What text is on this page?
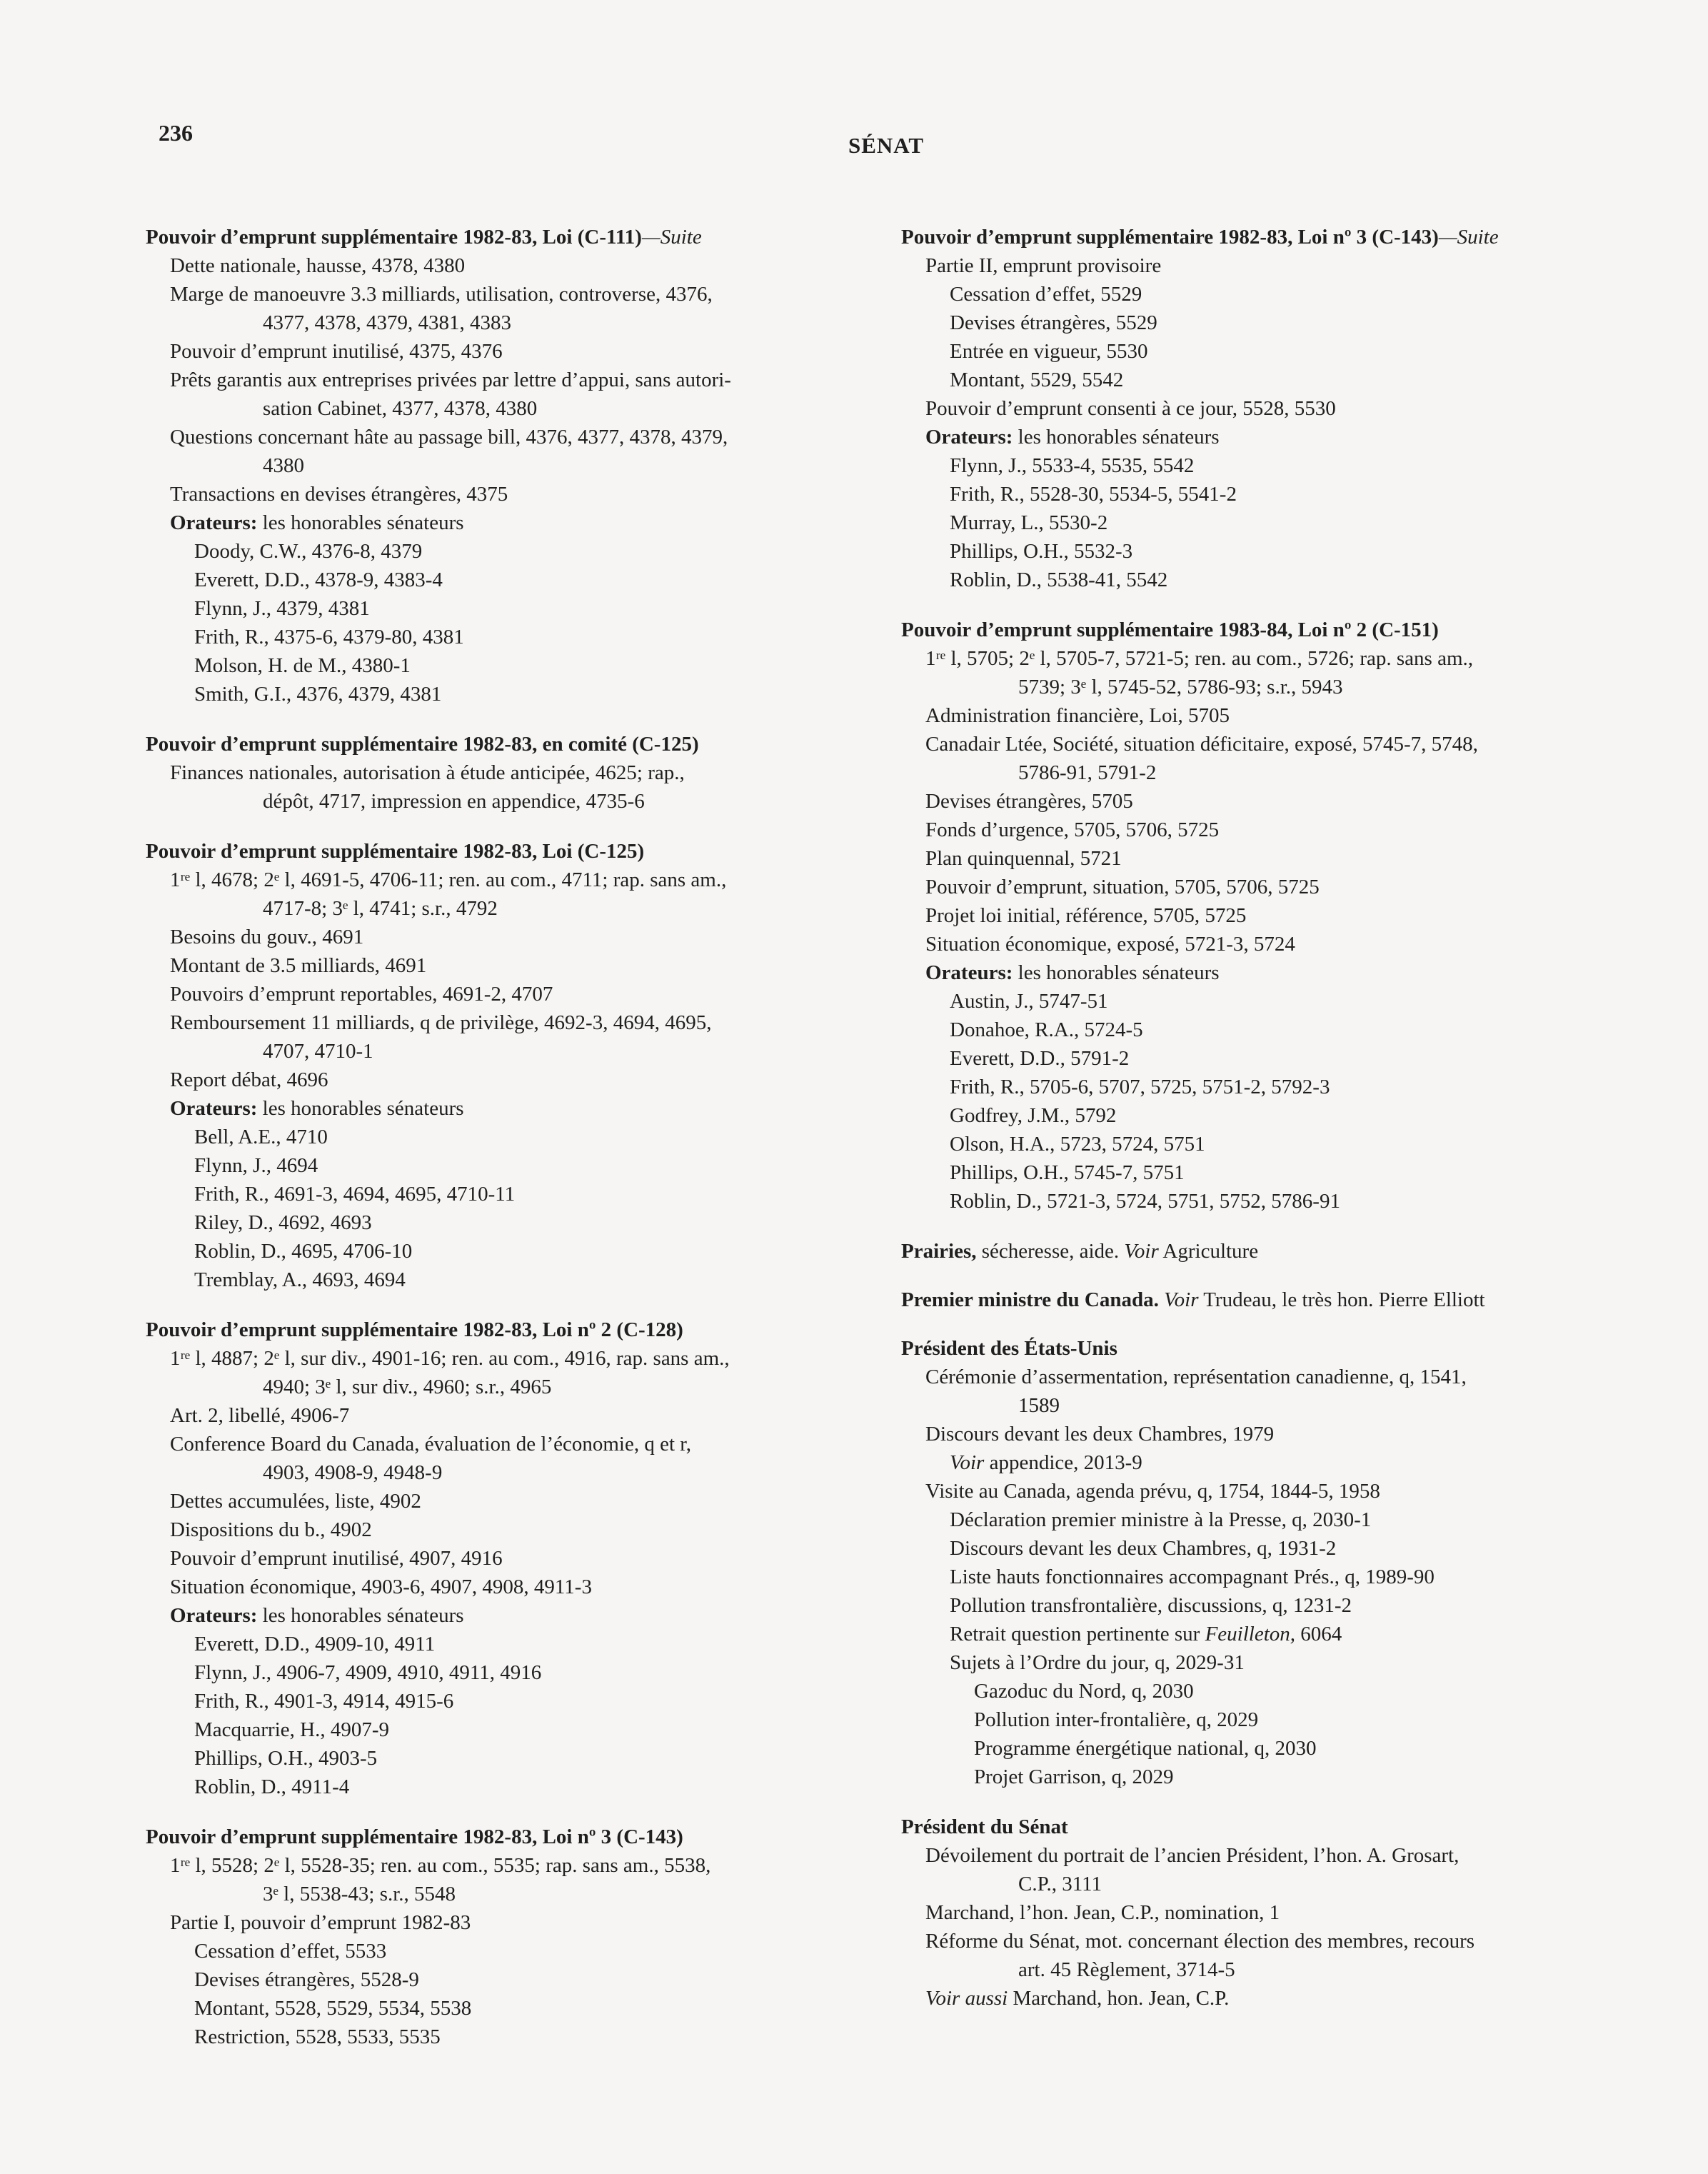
236	SÉNAT
Pouvoir d’emprunt supplémentaire 1982-83, Loi (C-111)—Suite
Dette nationale, hausse, 4378, 4380
Marge de manoeuvre 3.3 milliards, utilisation, controverse, 4376,
4377, 4378, 4379, 4381, 4383
Pouvoir d’emprunt inutilisé, 4375, 4376
Prêts garantis aux entreprises privées par lettre d’appui, sans autori-
sation Cabinet, 4377, 4378, 4380
Questions concernant hâte au passage bill, 4376, 4377, 4378, 4379,
4380
Transactions en devises étrangères, 4375
Orateurs: les honorables sénateurs
Doody, C.W., 4376-8, 4379
Everett, D.D., 4378-9, 4383-4
Flynn, J., 4379, 4381
Frith, R., 4375-6, 4379-80, 4381
Molson, H. de M., 4380-1
Smith, G.I., 4376, 4379, 4381
Pouvoir d’emprunt supplémentaire 1982-83, en comité (C-125)
Finances nationales, autorisation à étude anticipée, 4625; rap.,
dépôt, 4717, impression en appendice, 4735-6
Pouvoir d’emprunt supplémentaire 1982-83, Loi (C-125)
1ʳᵉ l, 4678; 2ᵉ l, 4691-5, 4706-11; ren. au com., 4711; rap. sans am.,
4717-8; 3ᵉ l, 4741; s.r., 4792
Besoins du gouv., 4691
Montant de 3.5 milliards, 4691
Pouvoirs d’emprunt reportables, 4691-2, 4707
Remboursement 11 milliards, q de privilège, 4692-3, 4694, 4695,
4707, 4710-1
Report débat, 4696
Orateurs: les honorables sénateurs
Bell, A.E., 4710
Flynn, J., 4694
Frith, R., 4691-3, 4694, 4695, 4710-11
Riley, D., 4692, 4693
Roblin, D., 4695, 4706-10
Tremblay, A., 4693, 4694
Pouvoir d’emprunt supplémentaire 1982-83, Loi nº 2 (C-128)
1ʳᵉ l, 4887; 2ᵉ l, sur div., 4901-16; ren. au com., 4916, rap. sans am.,
4940; 3ᵉ l, sur div., 4960; s.r., 4965
Art. 2, libellé, 4906-7
Conference Board du Canada, évaluation de l’économie, q et r,
4903, 4908-9, 4948-9
Dettes accumulées, liste, 4902
Dispositions du b., 4902
Pouvoir d’emprunt inutilisé, 4907, 4916
Situation économique, 4903-6, 4907, 4908, 4911-3
Orateurs: les honorables sénateurs
Everett, D.D., 4909-10, 4911
Flynn, J., 4906-7, 4909, 4910, 4911, 4916
Frith, R., 4901-3, 4914, 4915-6
Macquarrie, H., 4907-9
Phillips, O.H., 4903-5
Roblin, D., 4911-4
Pouvoir d’emprunt supplémentaire 1982-83, Loi nº 3 (C-143)
1ʳᵉ l, 5528; 2ᵉ l, 5528-35; ren. au com., 5535; rap. sans am., 5538,
3ᵉ l, 5538-43; s.r., 5548
Partie I, pouvoir d’emprunt 1982-83
Cessation d’effet, 5533
Devises étrangères, 5528-9
Montant, 5528, 5529, 5534, 5538
Restriction, 5528, 5533, 5535
Pouvoir d’emprunt supplémentaire 1982-83, Loi nº 3 (C-143)—Suite
Partie II, emprunt provisoire
Cessation d’effet, 5529
Devises étrangères, 5529
Entrée en vigueur, 5530
Montant, 5529, 5542
Pouvoir d’emprunt consenti à ce jour, 5528, 5530
Orateurs: les honorables sénateurs
Flynn, J., 5533-4, 5535, 5542
Frith, R., 5528-30, 5534-5, 5541-2
Murray, L., 5530-2
Phillips, O.H., 5532-3
Roblin, D., 5538-41, 5542
Pouvoir d’emprunt supplémentaire 1983-84, Loi nº 2 (C-151)
1ʳᵉ l, 5705; 2ᵉ l, 5705-7, 5721-5; ren. au com., 5726; rap. sans am.,
5739; 3ᵉ l, 5745-52, 5786-93; s.r., 5943
Administration financière, Loi, 5705
Canadair Ltée, Société, situation déficitaire, exposé, 5745-7, 5748,
5786-91, 5791-2
Devises étrangères, 5705
Fonds d’urgence, 5705, 5706, 5725
Plan quinquennal, 5721
Pouvoir d’emprunt, situation, 5705, 5706, 5725
Projet loi initial, référence, 5705, 5725
Situation économique, exposé, 5721-3, 5724
Orateurs: les honorables sénateurs
Austin, J., 5747-51
Donahoe, R.A., 5724-5
Everett, D.D., 5791-2
Frith, R., 5705-6, 5707, 5725, 5751-2, 5792-3
Godfrey, J.M., 5792
Olson, H.A., 5723, 5724, 5751
Phillips, O.H., 5745-7, 5751
Roblin, D., 5721-3, 5724, 5751, 5752, 5786-91
Prairies, sécheresse, aide. Voir Agriculture
Premier ministre du Canada. Voir Trudeau, le très hon. Pierre Elliott
Président des États-Unis
Cérémonie d’assermentation, représentation canadienne, q, 1541,
1589
Discours devant les deux Chambres, 1979
Voir appendice, 2013-9
Visite au Canada, agenda prévu, q, 1754, 1844-5, 1958
Déclaration premier ministre à la Presse, q, 2030-1
Discours devant les deux Chambres, q, 1931-2
Liste hauts fonctionnaires accompagnant Prés., q, 1989-90
Pollution transfrontalière, discussions, q, 1231-2
Retrait question pertinente sur Feuilleton, 6064
Sujets à l’Ordre du jour, q, 2029-31
Gazoduc du Nord, q, 2030
Pollution inter-frontalière, q, 2029
Programme énergétique national, q, 2030
Projet Garrison, q, 2029
Président du Sénat
Dévoilement du portrait de l’ancien Président, l’hon. A. Grosart,
C.P., 3111
Marchand, l’hon. Jean, C.P., nomination, 1
Réforme du Sénat, mot. concernant élection des membres, recours
art. 45 Règlement, 3714-5
Voir aussi Marchand, hon. Jean, C.P.
